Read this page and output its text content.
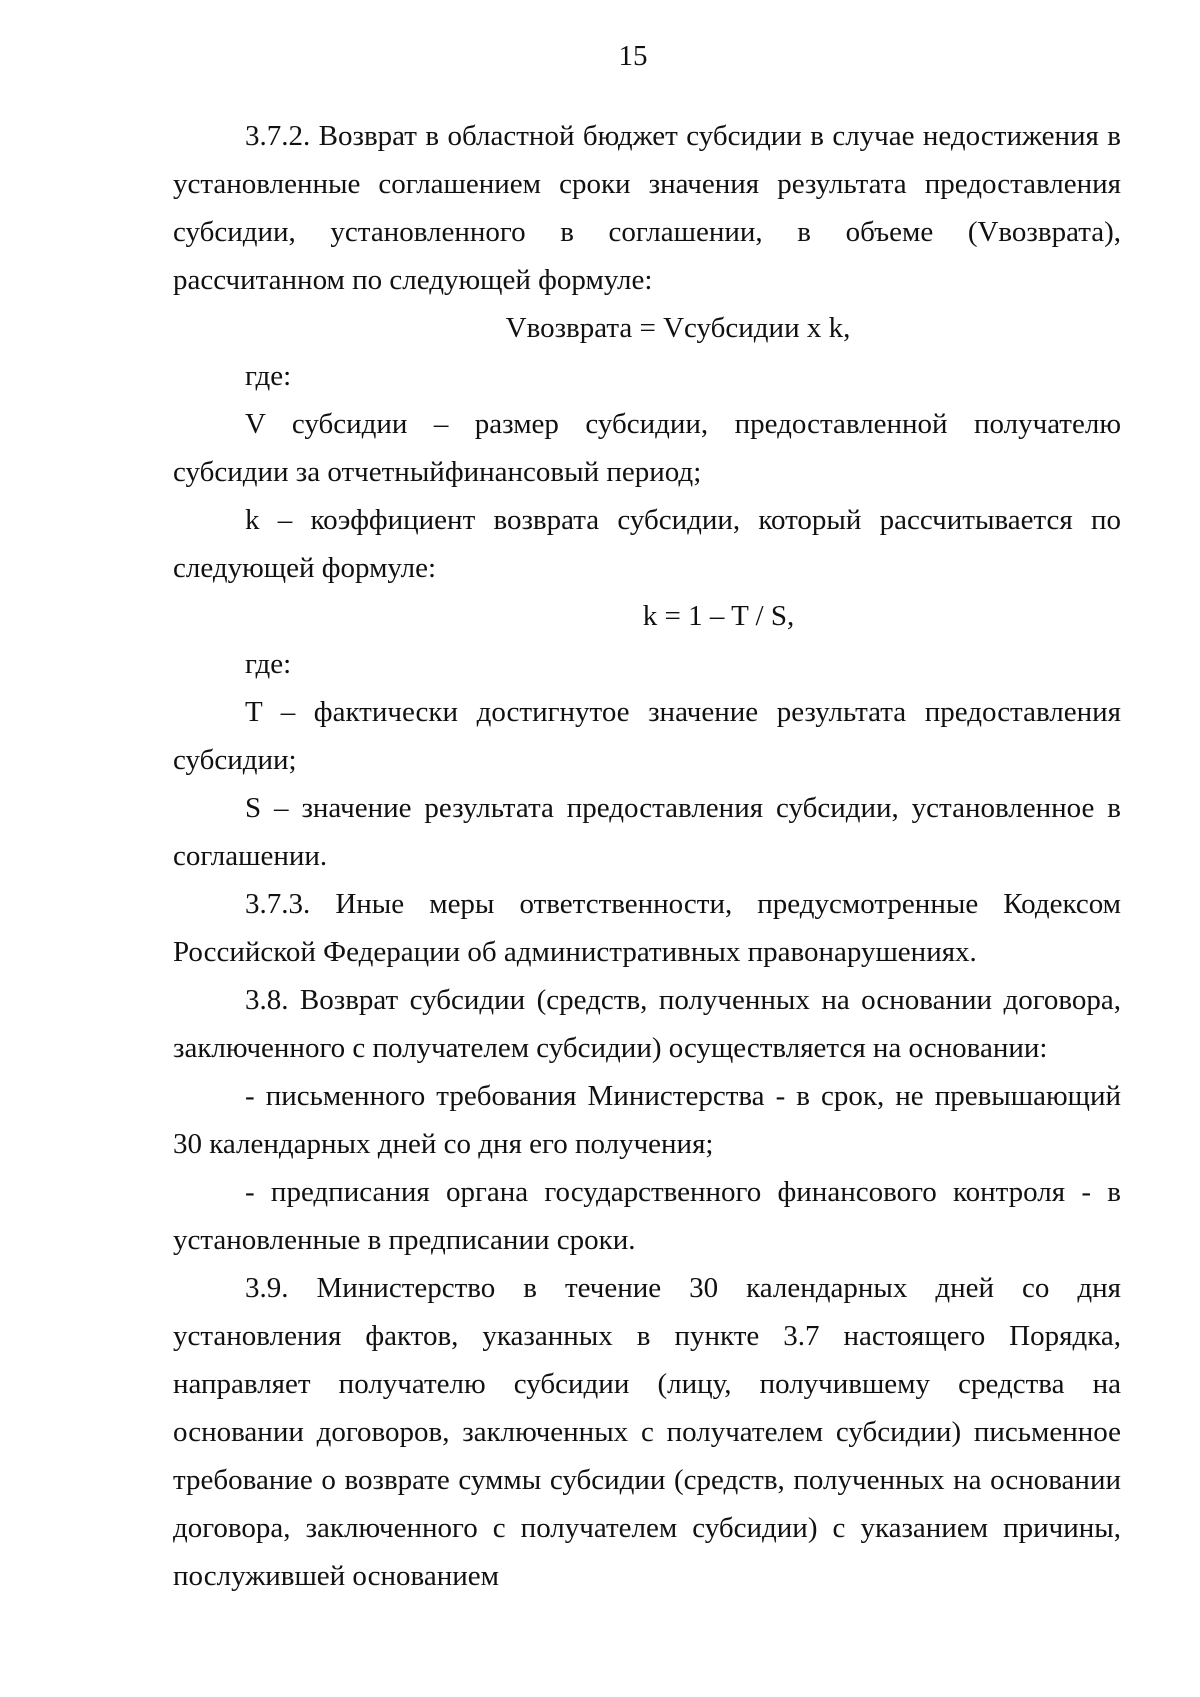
15

3.7.2. Возврат в областной бюджет субсидии в случае недостижения в установленные соглашением сроки значения результата предоставления субсидии, установленного в соглашении, в объеме (Vвозврата), рассчитанном по следующей формуле:

Vвозврата = Vсубсидии x k,

где:

V субсидии – размер субсидии, предоставленной получателю субсидии за отчетныйфинансовый период;

k – коэффициент возврата субсидии, который рассчитывается по следующей формуле:

k = 1 – T / S,

где:

T – фактически достигнутое значение результата предоставления субсидии;

S – значение результата предоставления субсидии, установленное в соглашении.

3.7.3. Иные меры ответственности, предусмотренные Кодексом Российской Федерации об административных правонарушениях.

3.8. Возврат субсидии (средств, полученных на основании договора, заключенного с получателем субсидии) осуществляется на основании:

- письменного требования Министерства - в срок, не превышающий 30 календарных дней со дня его получения;

- предписания органа государственного финансового контроля - в установленные в предписании сроки.

3.9. Министерство в течение 30 календарных дней со дня установления фактов, указанных в пункте 3.7 настоящего Порядка, направляет получателю субсидии (лицу, получившему средства на основании договоров, заключенных с получателем субсидии) письменное требование о возврате суммы субсидии (средств, полученных на основании договора, заключенного с получателем субсидии) с указанием причины, послужившей основанием
